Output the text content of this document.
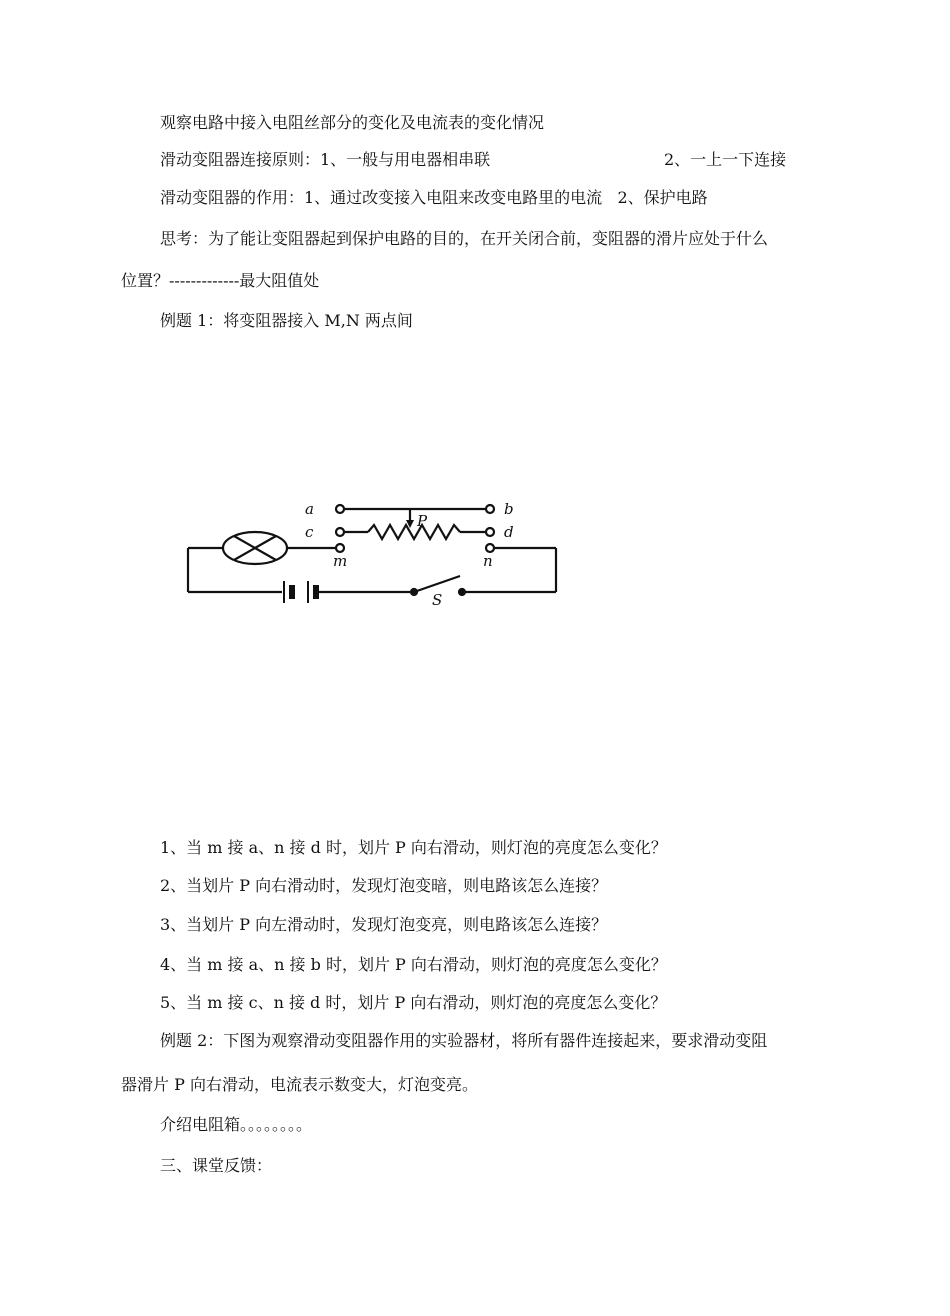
观察电路中接入电阻丝部分的变化及电流表的变化情况
滑动变阻器连接原则：1、一般与用电器相串联	2、一上一下连接
滑动变阻器的作用：1、通过改变接入电阻来改变电路里的电流   2、保护电路
思考：为了能让变阻器起到保护电路的目的，在开关闭合前，变阻器的滑片应处于什么
位置？-------------最大阻值处
例题 1：将变阻器接入 M,N 两点间
a	b
c	d
P
m	n
S
1、当 m 接 a、n 接 d 时，划片 P 向右滑动，则灯泡的亮度怎么变化？
2、当划片 P 向右滑动时，发现灯泡变暗，则电路该怎么连接？
3、当划片 P 向左滑动时，发现灯泡变亮，则电路该怎么连接？
4、当 m 接 a、n 接 b 时，划片 P 向右滑动，则灯泡的亮度怎么变化？
5、当 m 接 c、n 接 d 时，划片 P 向右滑动，则灯泡的亮度怎么变化？
例题 2：下图为观察滑动变阻器作用的实验器材，将所有器件连接起来，要求滑动变阻
器滑片 P 向右滑动，电流表示数变大，灯泡变亮。
介绍电阻箱。。。。。。。。
三、课堂反馈：
